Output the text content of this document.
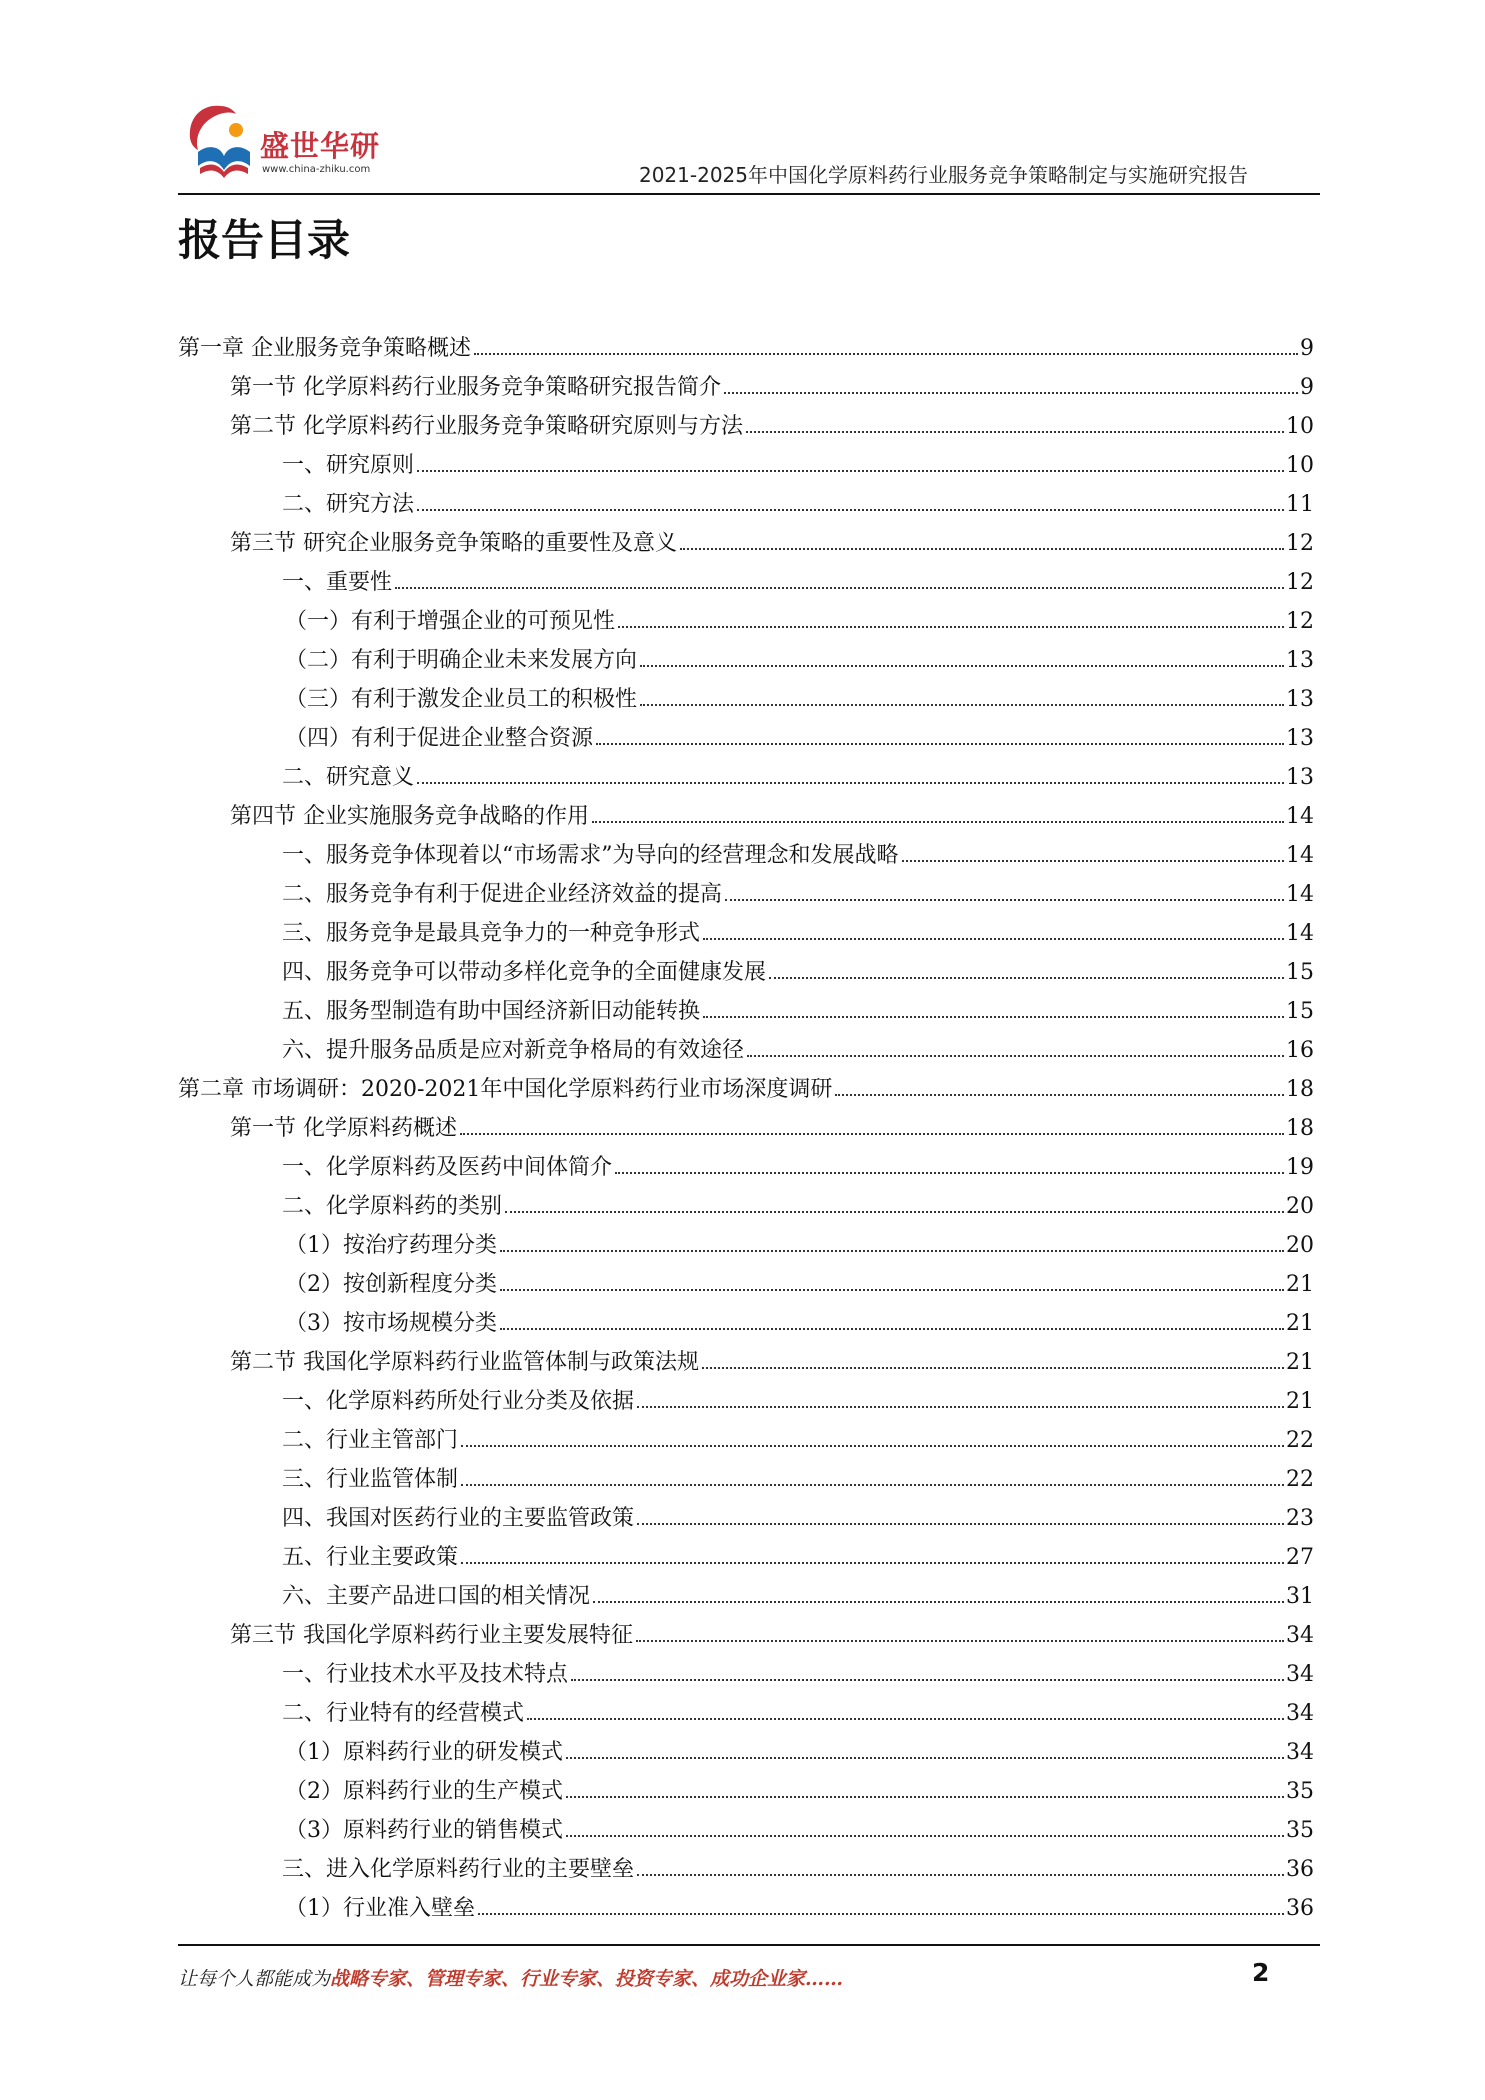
盛世华研
www.china-zhiku.com	2021-2025年中国化学原料药行业服务竞争策略制定与实施研究报告
报告目录
第一章 企业服务竞争策略概述	9
第一节 化学原料药行业服务竞争策略研究报告简介	9
第二节 化学原料药行业服务竞争策略研究原则与方法	10
一、研究原则	10
二、研究方法	11
第三节 研究企业服务竞争策略的重要性及意义	12
一、重要性	12
（一）有利于增强企业的可预见性	12
（二）有利于明确企业未来发展方向	13
（三）有利于激发企业员工的积极性	13
（四）有利于促进企业整合资源	13
二、研究意义	13
第四节 企业实施服务竞争战略的作用	14
一、服务竞争体现着以“市场需求”为导向的经营理念和发展战略	14
二、服务竞争有利于促进企业经济效益的提高	14
三、服务竞争是最具竞争力的一种竞争形式	14
四、服务竞争可以带动多样化竞争的全面健康发展	15
五、服务型制造有助中国经济新旧动能转换	15
六、提升服务品质是应对新竞争格局的有效途径	16
第二章 市场调研：2020-2021年中国化学原料药行业市场深度调研	18
第一节 化学原料药概述	18
一、化学原料药及医药中间体简介	19
二、化学原料药的类别	20
（1）按治疗药理分类	20
（2）按创新程度分类	21
（3）按市场规模分类	21
第二节 我国化学原料药行业监管体制与政策法规	21
一、化学原料药所处行业分类及依据	21
二、行业主管部门	22
三、行业监管体制	22
四、我国对医药行业的主要监管政策	23
五、行业主要政策	27
六、主要产品进口国的相关情况	31
第三节 我国化学原料药行业主要发展特征	34
一、行业技术水平及技术特点	34
二、行业特有的经营模式	34
（1）原料药行业的研发模式	34
（2）原料药行业的生产模式	35
（3）原料药行业的销售模式	35
三、进入化学原料药行业的主要壁垒	36
（1）行业准入壁垒	36
让每个人都能成为战略专家、管理专家、行业专家、投资专家、成功企业家……	2
